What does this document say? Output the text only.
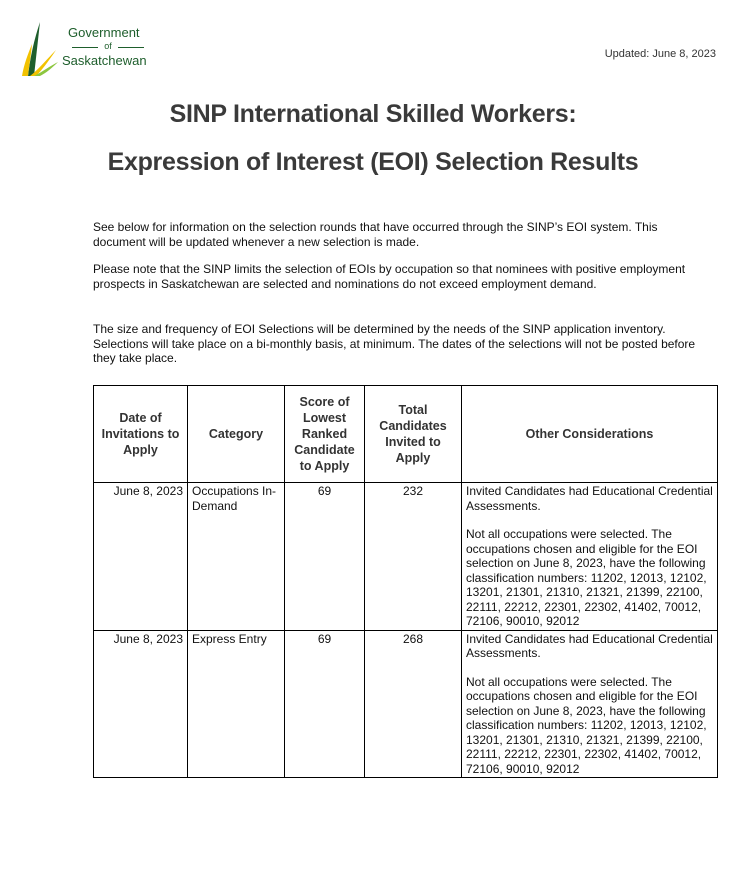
Government
of
Saskatchewan	Updated: June 8, 2023
SINP International Skilled Workers:
Expression of Interest (EOI) Selection Results
See below for information on the selection rounds that have occurred through the SINP’s EOI system. This document will be updated whenever a new selection is made.
Please note that the SINP limits the selection of EOIs by occupation so that nominees with positive employment prospects in Saskatchewan are selected and nominations do not exceed employment demand.
The size and frequency of EOI Selections will be determined by the needs of the SINP application inventory. Selections will take place on a bi-monthly basis, at minimum. The dates of the selections will not be posted before they take place.
Date of Invitations to Apply	Category	Score of Lowest Ranked Candidate to Apply	Total Candidates Invited to Apply	Other Considerations
June 8, 2023	Occupations In-Demand	69	232	Invited Candidates had Educational Credential Assessments.
Not all occupations were selected. The occupations chosen and eligible for the EOI selection on June 8, 2023, have the following classification numbers: 11202, 12013, 12102, 13201, 21301, 21310, 21321, 21399, 22100, 22111, 22212, 22301, 22302, 41402, 70012, 72106, 90010, 92012

June 8, 2023	Express Entry	69	268	Invited Candidates had Educational Credential Assessments.
Not all occupations were selected. The occupations chosen and eligible for the EOI selection on June 8, 2023, have the following classification numbers: 11202, 12013, 12102, 13201, 21301, 21310, 21321, 21399, 22100, 22111, 22212, 22301, 22302, 41402, 70012, 72106, 90010, 92012
